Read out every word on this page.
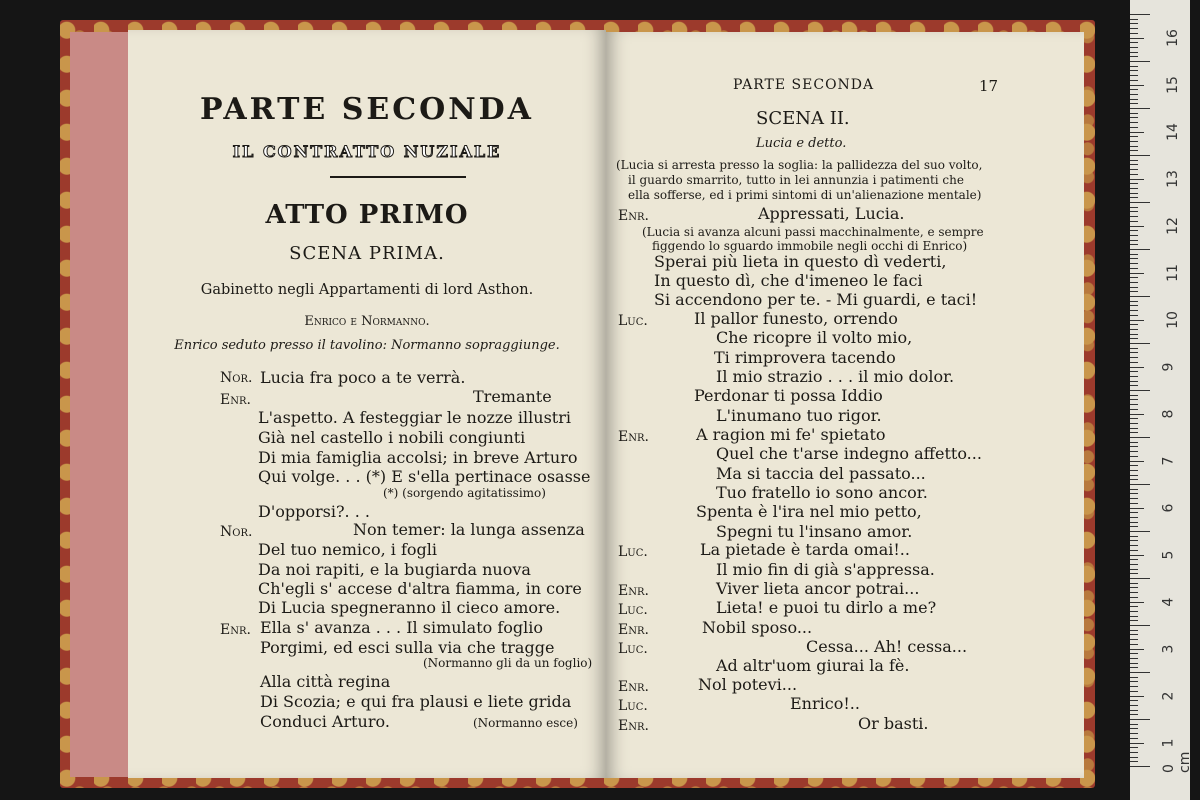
PARTE SECONDA
IL CONTRATTO NUZIALE
ATTO PRIMO
SCENA PRIMA.
Gabinetto negli Appartamenti di lord Asthon.
Enrico e Normanno.
Enrico seduto presso il tavolino: Normanno sopraggiunge.
Nor. Lucia fra poco a te verrà.
Enr.	Tremante
L'aspetto. A festeggiar le nozze illustri
Già nel castello i nobili congiunti
Di mia famiglia accolsi; in breve Arturo
Qui volge. . . (*) E s'ella pertinace osasse
(*) (sorgendo agitatissimo)
D'opporsi?. . .
Nor.	Non temer: la lunga assenza
Del tuo nemico, i fogli
Da noi rapiti, e la bugiarda nuova
Ch'egli s' accese d'altra fiamma, in core
Di Lucia spegneranno il cieco amore.
Enr. Ella s' avanza . . . Il simulato foglio
Porgimi, ed esci sulla via che tragge
(Normanno gli da un foglio)
Alla città regina
Di Scozia; e qui fra plausi e liete grida
Conduci Arturo.	(Normanno esce)
PARTE SECONDA	17
SCENA II.
Lucia e detto.
(Lucia si arresta presso la soglia: la pallidezza del suo volto,
il guardo smarrito, tutto in lei annunzia i patimenti che
ella sofferse, ed i primi sintomi di un'alienazione mentale)
Enr.	Appressati, Lucia.
(Lucia si avanza alcuni passi macchinalmente, e sempre
figgendo lo sguardo immobile negli occhi di Enrico)
Sperai più lieta in questo dì vederti,
In questo dì, che d'imeneo le faci
Si accendono per te. - Mi guardi, e taci!
Luc.	Il pallor funesto, orrendo
Che ricopre il volto mio,
Ti rimprovera tacendo
Il mio strazio . . . il mio dolor.
Perdonar ti possa Iddio
L'inumano tuo rigor.
Enr.	A ragion mi fe' spietato
Quel che t'arse indegno affetto...
Ma si taccia del passato...
Tuo fratello io sono ancor.
Spenta è l'ira nel mio petto,
Spegni tu l'insano amor.
Luc.	La pietade è tarda omai!..
Il mio fin di già s'appressa.
Enr.	Viver lieta ancor potrai...
Luc.	Lieta! e puoi tu dirlo a me?
Enr.	Nobil sposo...
Luc.	Cessa... Ah! cessa...
Ad altr'uom giurai la fè.
Enr.	Nol potevi...
Luc.	Enrico!..
Enr.	Or basti.
16
15
14
13
12
11
10
9
8
7
6
5
4
3
2
1
0 cm
